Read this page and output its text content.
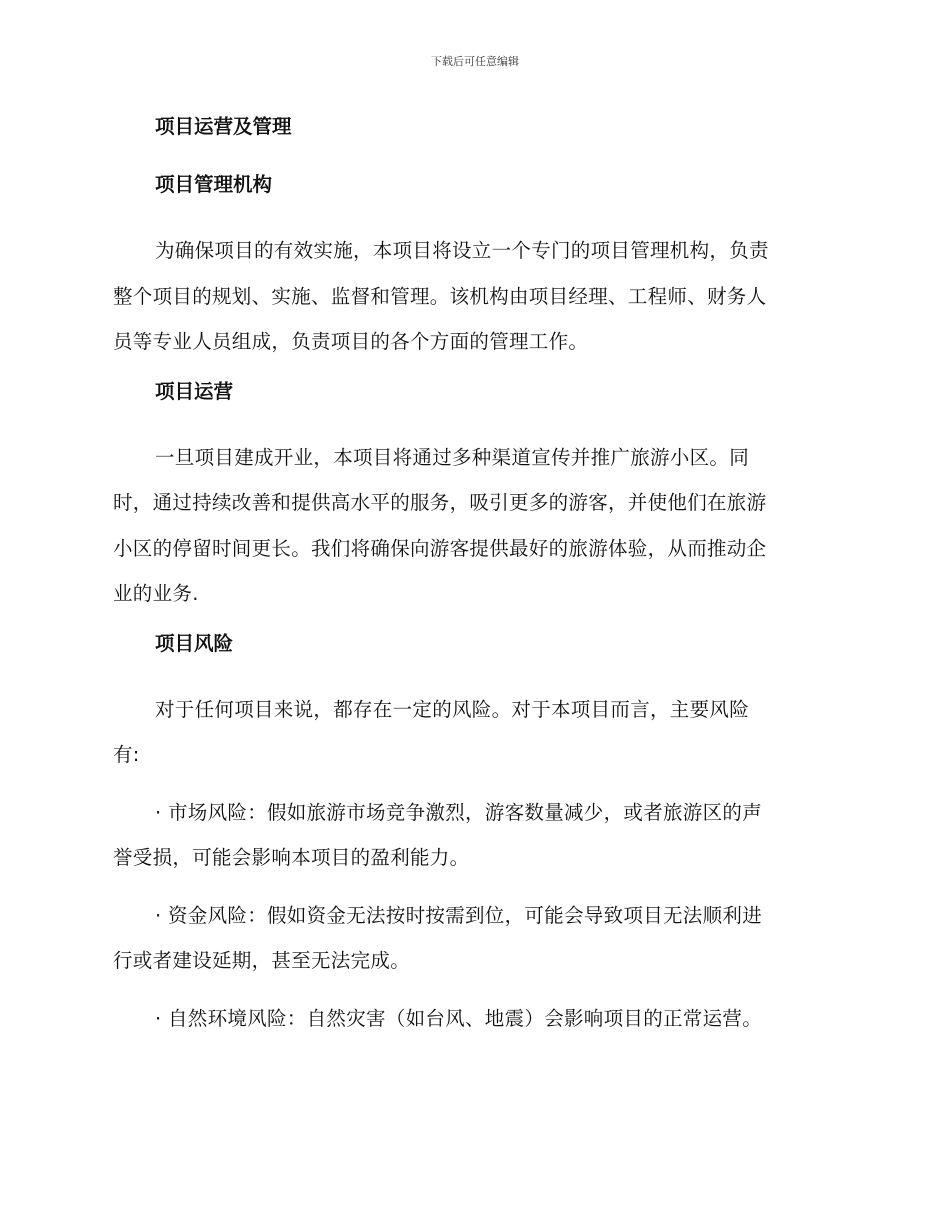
下载后可任意编辑
项目运营及管理
项目管理机构
为确保项目的有效实施，本项目将设立一个专门的项目管理机构，负责
整个项目的规划、实施、监督和管理。该机构由项目经理、工程师、财务人
员等专业人员组成，负责项目的各个方面的管理工作。
项目运营
一旦项目建成开业，本项目将通过多种渠道宣传并推广旅游小区。同
时，通过持续改善和提供高水平的服务，吸引更多的游客，并使他们在旅游
小区的停留时间更长。我们将确保向游客提供最好的旅游体验，从而推动企
业的业务.
项目风险
对于任何项目来说，都存在一定的风险。对于本项目而言，主要风险
有:
· 市场风险：假如旅游市场竞争激烈，游客数量减少，或者旅游区的声
誉受损，可能会影响本项目的盈利能力。
· 资金风险：假如资金无法按时按需到位，可能会导致项目无法顺利进
行或者建设延期，甚至无法完成。
· 自然环境风险：自然灾害（如台风、地震）会影响项目的正常运营。
